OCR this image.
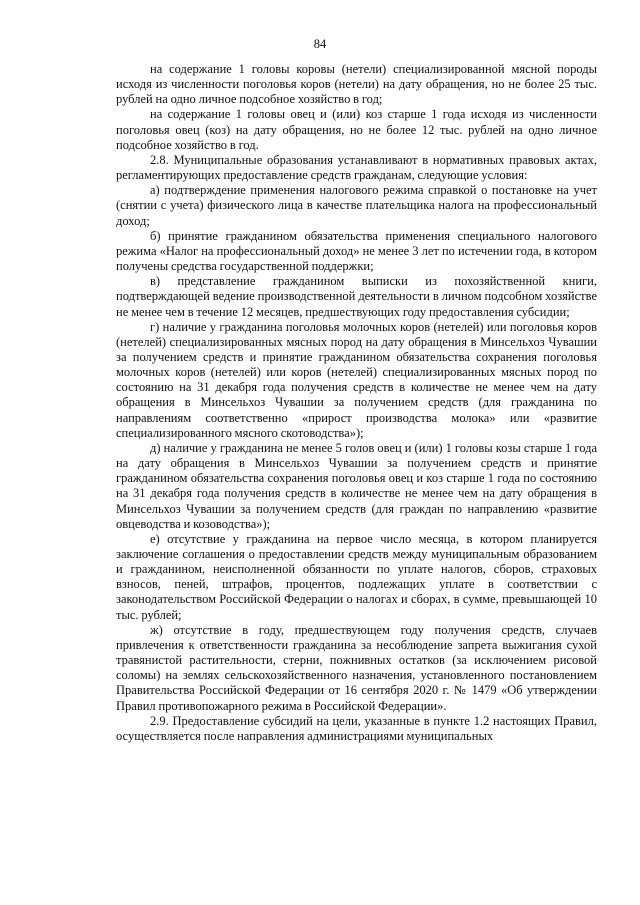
84

на содержание 1 головы коровы (нетели) специализированной мясной породы исходя из численности поголовья коров (нетели) на дату обращения, но не более 25 тыс. рублей на одно личное подсобное хозяйство в год;

на содержание 1 головы овец и (или) коз старше 1 года исходя из численности поголовья овец (коз) на дату обращения, но не более 12 тыс. рублей на одно личное подсобное хозяйство в год.

2.8. Муниципальные образования устанавливают в нормативных правовых актах, регламентирующих предоставление средств гражданам, следующие условия:

а) подтверждение применения налогового режима справкой о постановке на учет (снятии с учета) физического лица в качестве плательщика налога на профессиональный доход;

б) принятие гражданином обязательства применения специального налогового режима «Налог на профессиональный доход» не менее 3 лет по истечении года, в котором получены средства государственной поддержки;

в) представление гражданином выписки из похозяйственной книги, подтверждающей ведение производственной деятельности в личном подсобном хозяйстве не менее чем в течение 12 месяцев, предшествующих году предоставления субсидии;

г) наличие у гражданина поголовья молочных коров (нетелей) или поголовья коров (нетелей) специализированных мясных пород на дату обращения в Минсельхоз Чувашии за получением средств и принятие гражданином обязательства сохранения поголовья молочных коров (нетелей) или коров (нетелей) специализированных мясных пород по состоянию на 31 декабря года получения средств в количестве не менее чем на дату обращения в Минсельхоз Чувашии за получением средств (для гражданина по направлениям соответственно «прирост производства молока» или «развитие специализированного мясного скотоводства»);

д) наличие у гражданина не менее 5 голов овец и (или) 1 головы козы старше 1 года на дату обращения в Минсельхоз Чувашии за получением средств и принятие гражданином обязательства сохранения поголовья овец и коз старше 1 года по состоянию на 31 декабря года получения средств в количестве не менее чем на дату обращения в Минсельхоз Чувашии за получением средств (для граждан по направлению «развитие овцеводства и козоводства»);

е) отсутствие у гражданина на первое число месяца, в котором планируется заключение соглашения о предоставлении средств между муниципальным образованием и гражданином, неисполненной обязанности по уплате налогов, сборов, страховых взносов, пеней, штрафов, процентов, подлежащих уплате в соответствии с законодательством Российской Федерации о налогах и сборах, в сумме, превышающей 10 тыс. рублей;

ж) отсутствие в году, предшествующем году получения средств, случаев привлечения к ответственности гражданина за несоблюдение запрета выжигания сухой травянистой растительности, стерни, пожнивных остатков (за исключением рисовой соломы) на землях сельскохозяйственного назначения, установленного постановлением Правительства Российской Федерации от 16 сентября 2020 г. № 1479 «Об утверждении Правил противопожарного режима в Российской Федерации».

2.9. Предоставление субсидий на цели, указанные в пункте 1.2 настоящих Правил, осуществляется после направления администрациями муниципальных
